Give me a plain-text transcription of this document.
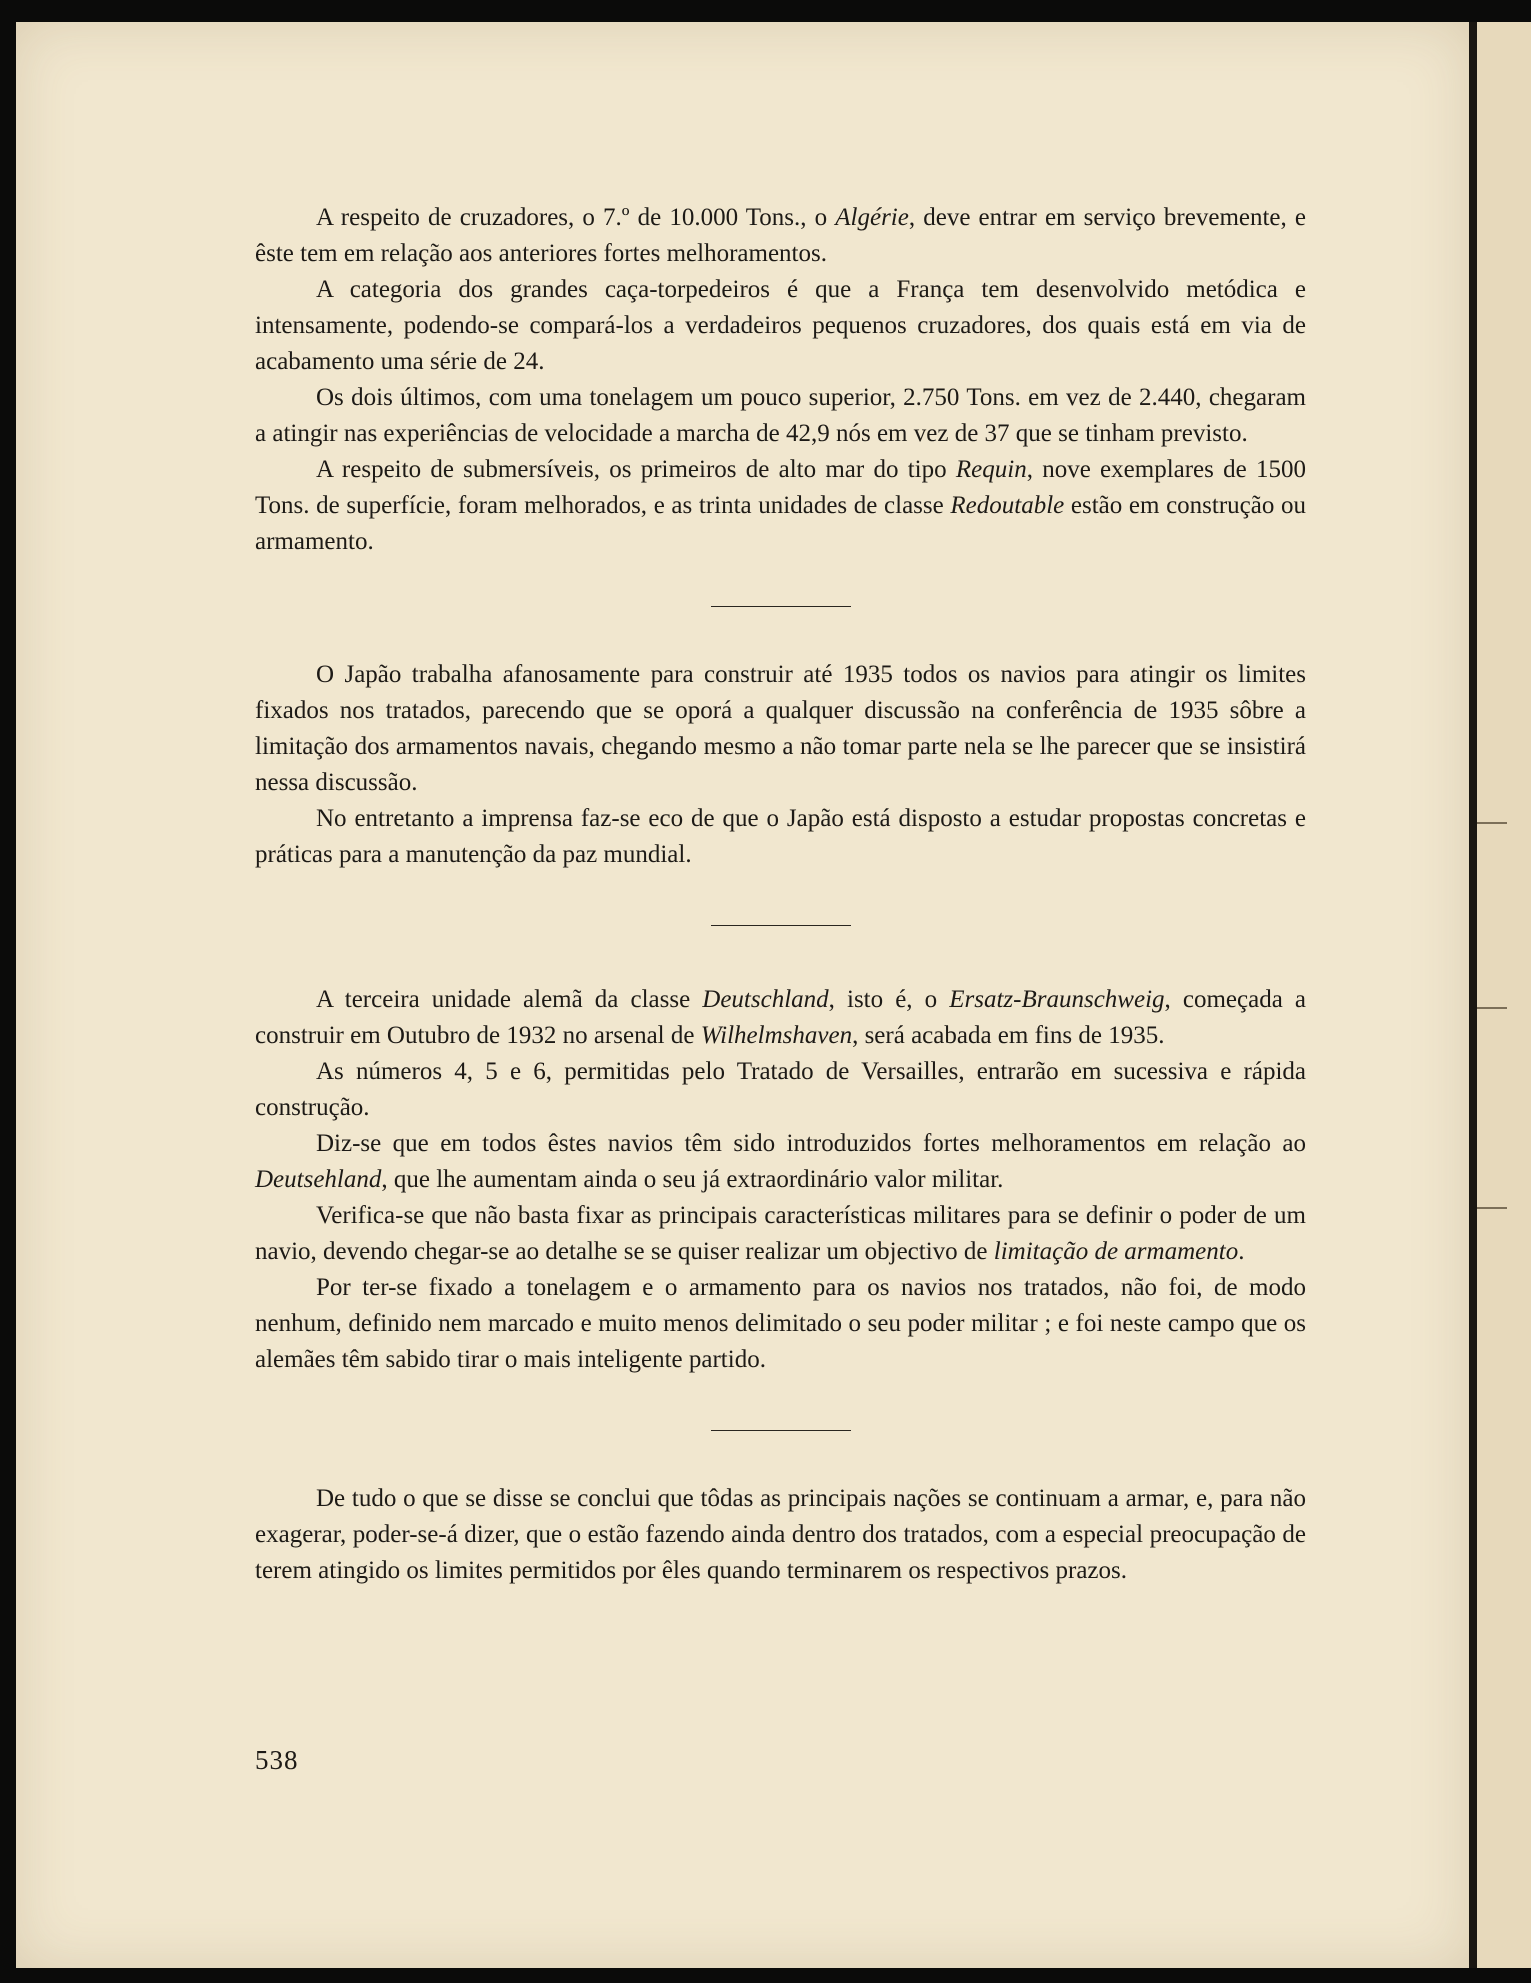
A respeito de cruzadores, o 7.º de 10.000 Tons., o Algérie, deve entrar em serviço brevemente, e êste tem em relação aos anteriores fortes melhoramentos.

A categoria dos grandes caça-torpedeiros é que a França tem desenvolvido metódica e intensamente, podendo-se compará-los a verdadeiros pequenos cruzadores, dos quais está em via de acabamento uma série de 24.

Os dois últimos, com uma tonelagem um pouco superior, 2.750 Tons. em vez de 2.440, chegaram a atingir nas experiências de velocidade a marcha de 42,9 nós em vez de 37 que se tinham previsto.

A respeito de submersíveis, os primeiros de alto mar do tipo Requin, nove exemplares de 1500 Tons. de superfície, foram melhorados, e as trinta unidades de classe Redoutable estão em construção ou armamento.

O Japão trabalha afanosamente para construir até 1935 todos os navios para atingir os limites fixados nos tratados, parecendo que se oporá a qualquer discussão na conferência de 1935 sôbre a limitação dos armamentos navais, chegando mesmo a não tomar parte nela se lhe parecer que se insistirá nessa discussão.

No entretanto a imprensa faz-se eco de que o Japão está disposto a estudar propostas concretas e práticas para a manutenção da paz mundial.

A terceira unidade alemã da classe Deutschland, isto é, o Ersatz-Braunschweig, começada a construir em Outubro de 1932 no arsenal de Wilhelmshaven, será acabada em fins de 1935.

As números 4, 5 e 6, permitidas pelo Tratado de Versailles, entrarão em sucessiva e rápida construção.

Diz-se que em todos êstes navios têm sido introduzidos fortes melhoramentos em relação ao Deutsehland, que lhe aumentam ainda o seu já extraordinário valor militar.

Verifica-se que não basta fixar as principais características militares para se definir o poder de um navio, devendo chegar-se ao detalhe se se quiser realizar um objectivo de limitação de armamento.

Por ter-se fixado a tonelagem e o armamento para os navios nos tratados, não foi, de modo nenhum, definido nem marcado e muito menos delimitado o seu poder militar ; e foi neste campo que os alemães têm sabido tirar o mais inteligente partido.

De tudo o que se disse se conclui que tôdas as principais nações se continuam a armar, e, para não exagerar, poder-se-á dizer, que o estão fazendo ainda dentro dos tratados, com a especial preocupação de terem atingido os limites permitidos por êles quando terminarem os respectivos prazos.

538
